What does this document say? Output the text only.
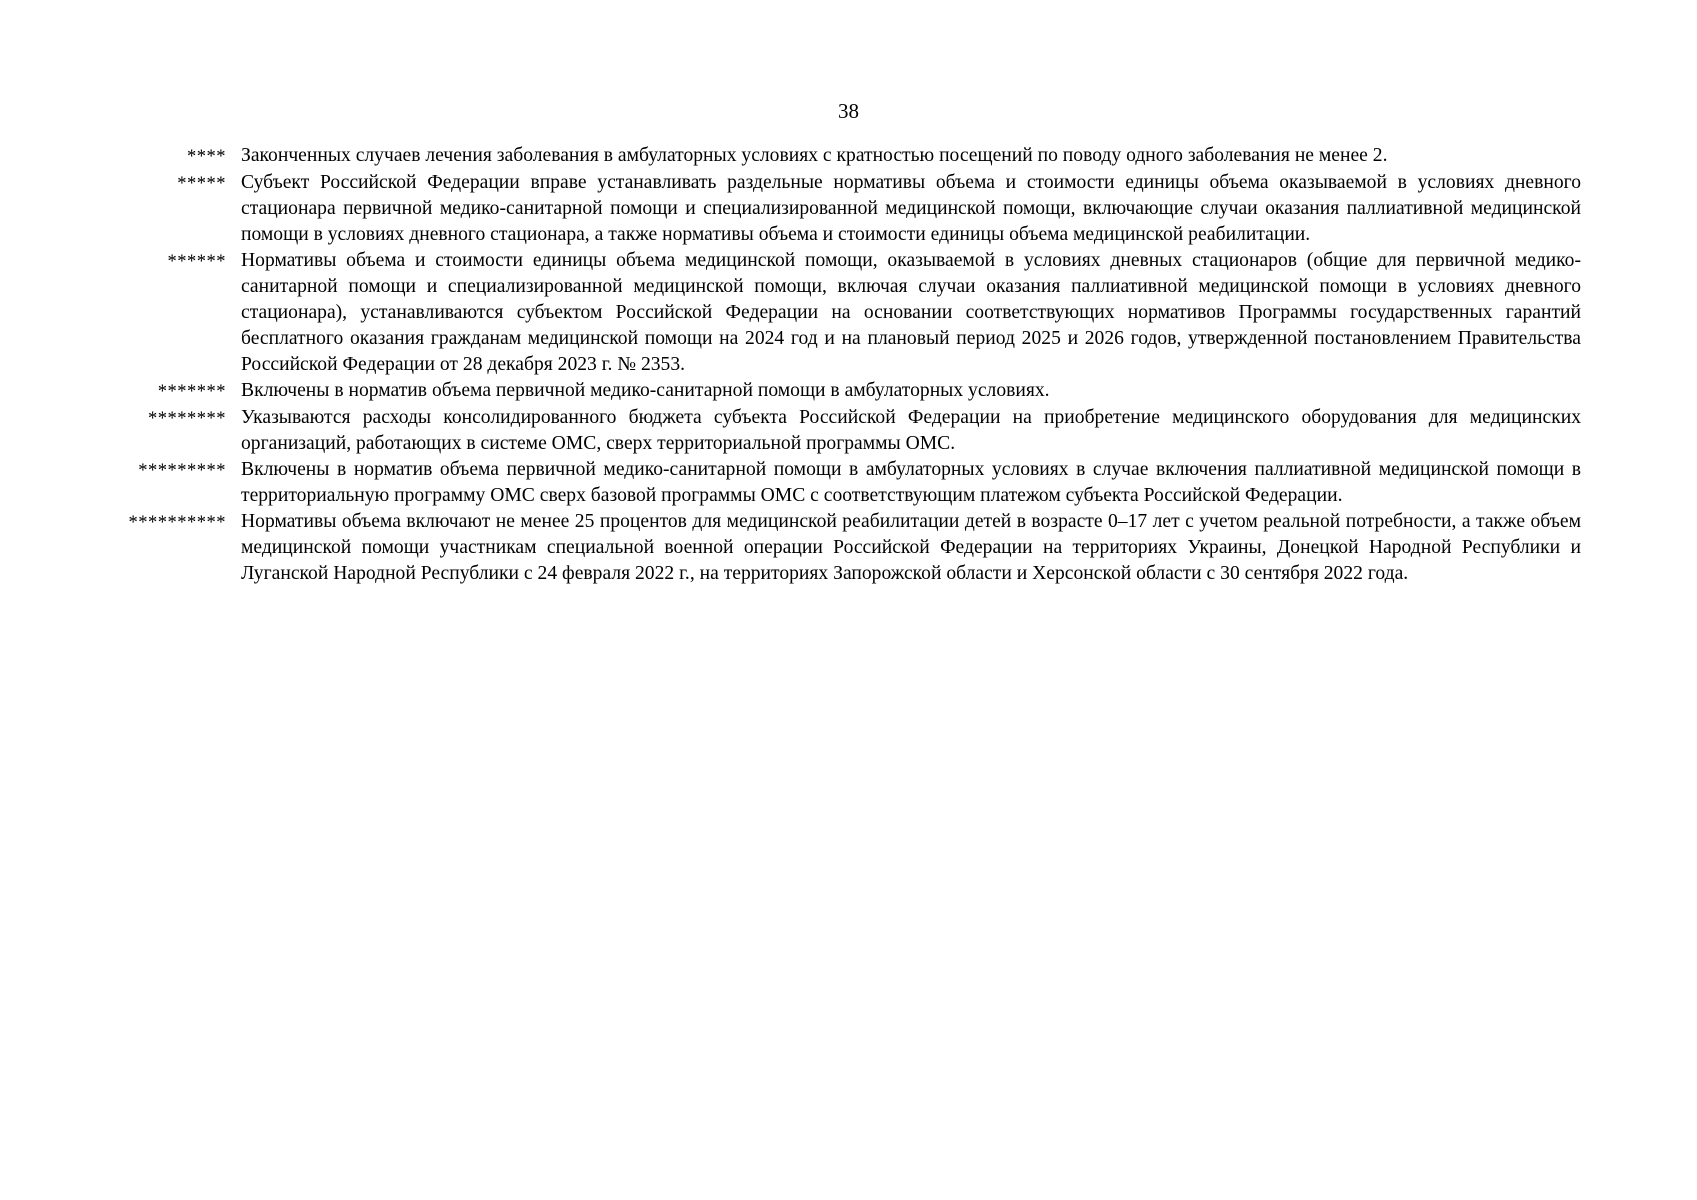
38
**** Законченных случаев лечения заболевания в амбулаторных условиях с кратностью посещений по поводу одного заболевания не менее 2.
***** Субъект Российской Федерации вправе устанавливать раздельные нормативы объема и стоимости единицы объема оказываемой в условиях дневного стационара первичной медико-санитарной помощи и специализированной медицинской помощи, включающие случаи оказания паллиативной медицинской помощи в условиях дневного стационара, а также нормативы объема и стоимости единицы объема медицинской реабилитации.
****** Нормативы объема и стоимости единицы объема медицинской помощи, оказываемой в условиях дневных стационаров (общие для первичной медико-санитарной помощи и специализированной медицинской помощи, включая случаи оказания паллиативной медицинской помощи в условиях дневного стационара), устанавливаются субъектом Российской Федерации на основании соответствующих нормативов Программы государственных гарантий бесплатного оказания гражданам медицинской помощи на 2024 год и на плановый период 2025 и 2026 годов, утвержденной постановлением Правительства Российской Федерации от 28 декабря 2023 г. № 2353.
******* Включены в норматив объема первичной медико-санитарной помощи в амбулаторных условиях.
******** Указываются расходы консолидированного бюджета субъекта Российской Федерации на приобретение медицинского оборудования для медицинских организаций, работающих в системе ОМС, сверх территориальной программы ОМС.
********* Включены в норматив объема первичной медико-санитарной помощи в амбулаторных условиях в случае включения паллиативной медицинской помощи в территориальную программу ОМС сверх базовой программы ОМС с соответствующим платежом субъекта Российской Федерации.
********** Нормативы объема включают не менее 25 процентов для медицинской реабилитации детей в возрасте 0–17 лет с учетом реальной потребности, а также объем медицинской помощи участникам специальной военной операции Российской Федерации на территориях Украины, Донецкой Народной Республики и Луганской Народной Республики с 24 февраля 2022 г., на территориях Запорожской области и Херсонской области с 30 сентября 2022 года.
